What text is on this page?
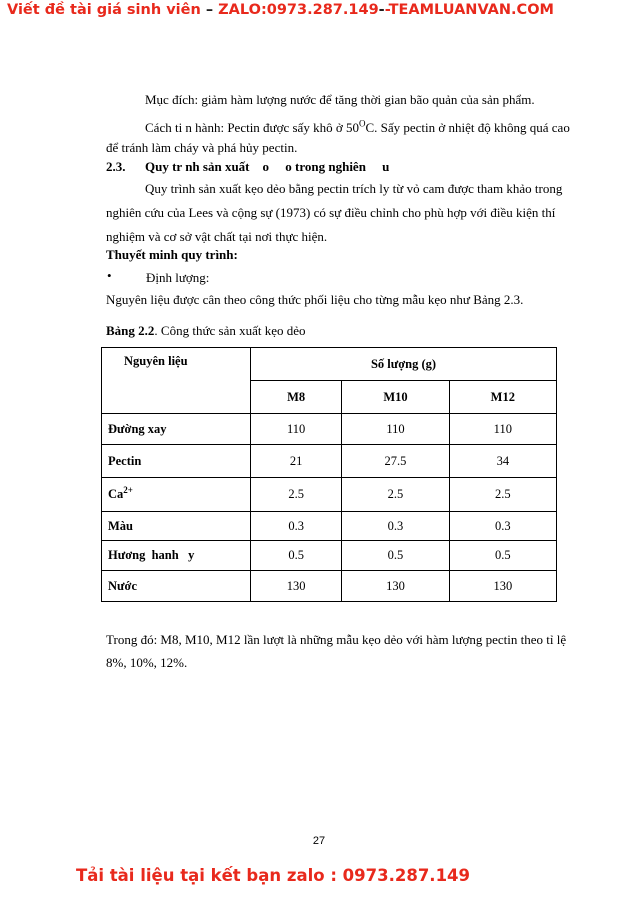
Viết đề tài giá sinh viên – ZALO:0973.287.149--TEAMLUANVAN.COM
Mục đích: giảm hàm lượng nước để tăng thời gian bão quản của sản phẩm.
Cách ti n hành: Pectin được sấy khô ở $50^OC$. Sấy pectin ở nhiệt độ không quá cao
để tránh làm cháy và phá hủy pectin.
2.3. Quy tr nh sản xuất    o     o trong nghiên     u
Quy trình sản xuất kẹo dẻo bằng pectin trích ly từ vỏ cam được tham khảo trong
nghiên cứu của Lees và cộng sự (1973) có sự điều chỉnh cho phù hợp với điều kiện thí
nghiệm và cơ sở vật chất tại nơi thực hiện.
Thuyết minh quy trình:
•	Định lượng:
Nguyên liệu được cân theo công thức phối liệu cho từng mẫu kẹo như Bảng 2.3.
Bảng 2.2. Công thức sản xuất kẹo dẻo
Nguyên liệu	Số lượng (g)		
	M8	M10	M12
Đường xay	110	110	110
Pectin	21	27.5	34
$Ca^{2+}$	2.5	2.5	2.5
Màu	0.3	0.3	0.3
Hương  hanh   y	0.5	0.5	0.5
Nước	130	130	130
Trong đó: M8, M10, M12 lần lượt là những mẫu kẹo dẻo với hàm lượng pectin theo tỉ lệ
8%, 10%, 12%.
27
Tải tài liệu tại kết bạn zalo : 0973.287.149
